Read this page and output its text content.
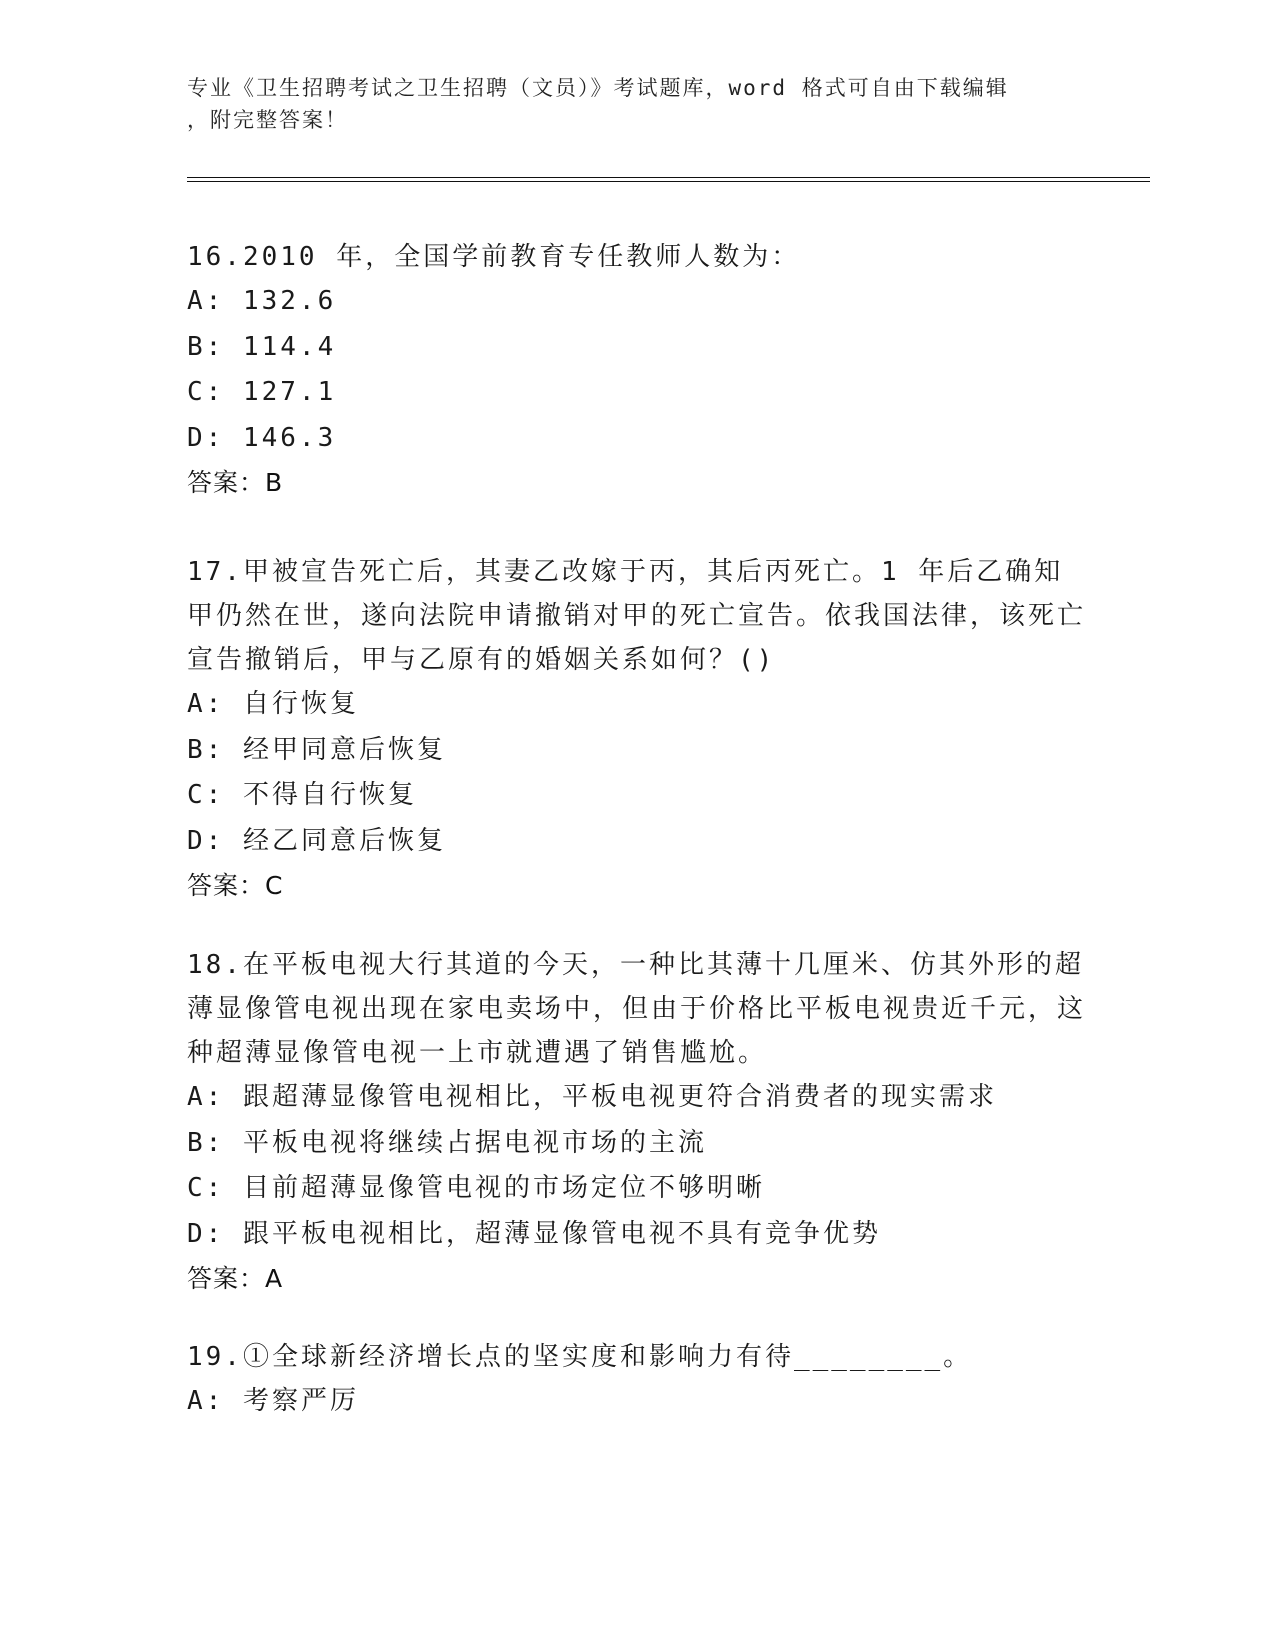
专业《卫生招聘考试之卫生招聘（文员）》考试题库，word 格式可自由下载编辑
，附完整答案！

16.2010 年，全国学前教育专任教师人数为：

A: 132.6
B: 114.4
C: 127.1
D: 146.3
答案：B

17.甲被宣告死亡后，其妻乙改嫁于丙，其后丙死亡。1 年后乙确知甲仍然在世，遂向法院申请撤销对甲的死亡宣告。依我国法律，该死亡宣告撤销后，甲与乙原有的婚姻关系如何？()

A: 自行恢复
B: 经甲同意后恢复
C: 不得自行恢复
D: 经乙同意后恢复
答案：C

18.在平板电视大行其道的今天，一种比其薄十几厘米、仿其外形的超薄显像管电视出现在家电卖场中，但由于价格比平板电视贵近千元，这种超薄显像管电视一上市就遭遇了销售尴尬。

A: 跟超薄显像管电视相比，平板电视更符合消费者的现实需求
B: 平板电视将继续占据电视市场的主流
C: 目前超薄显像管电视的市场定位不够明晰
D: 跟平板电视相比，超薄显像管电视不具有竞争优势
答案：A

19.①全球新经济增长点的坚实度和影响力有待________。

A: 考察严厉
